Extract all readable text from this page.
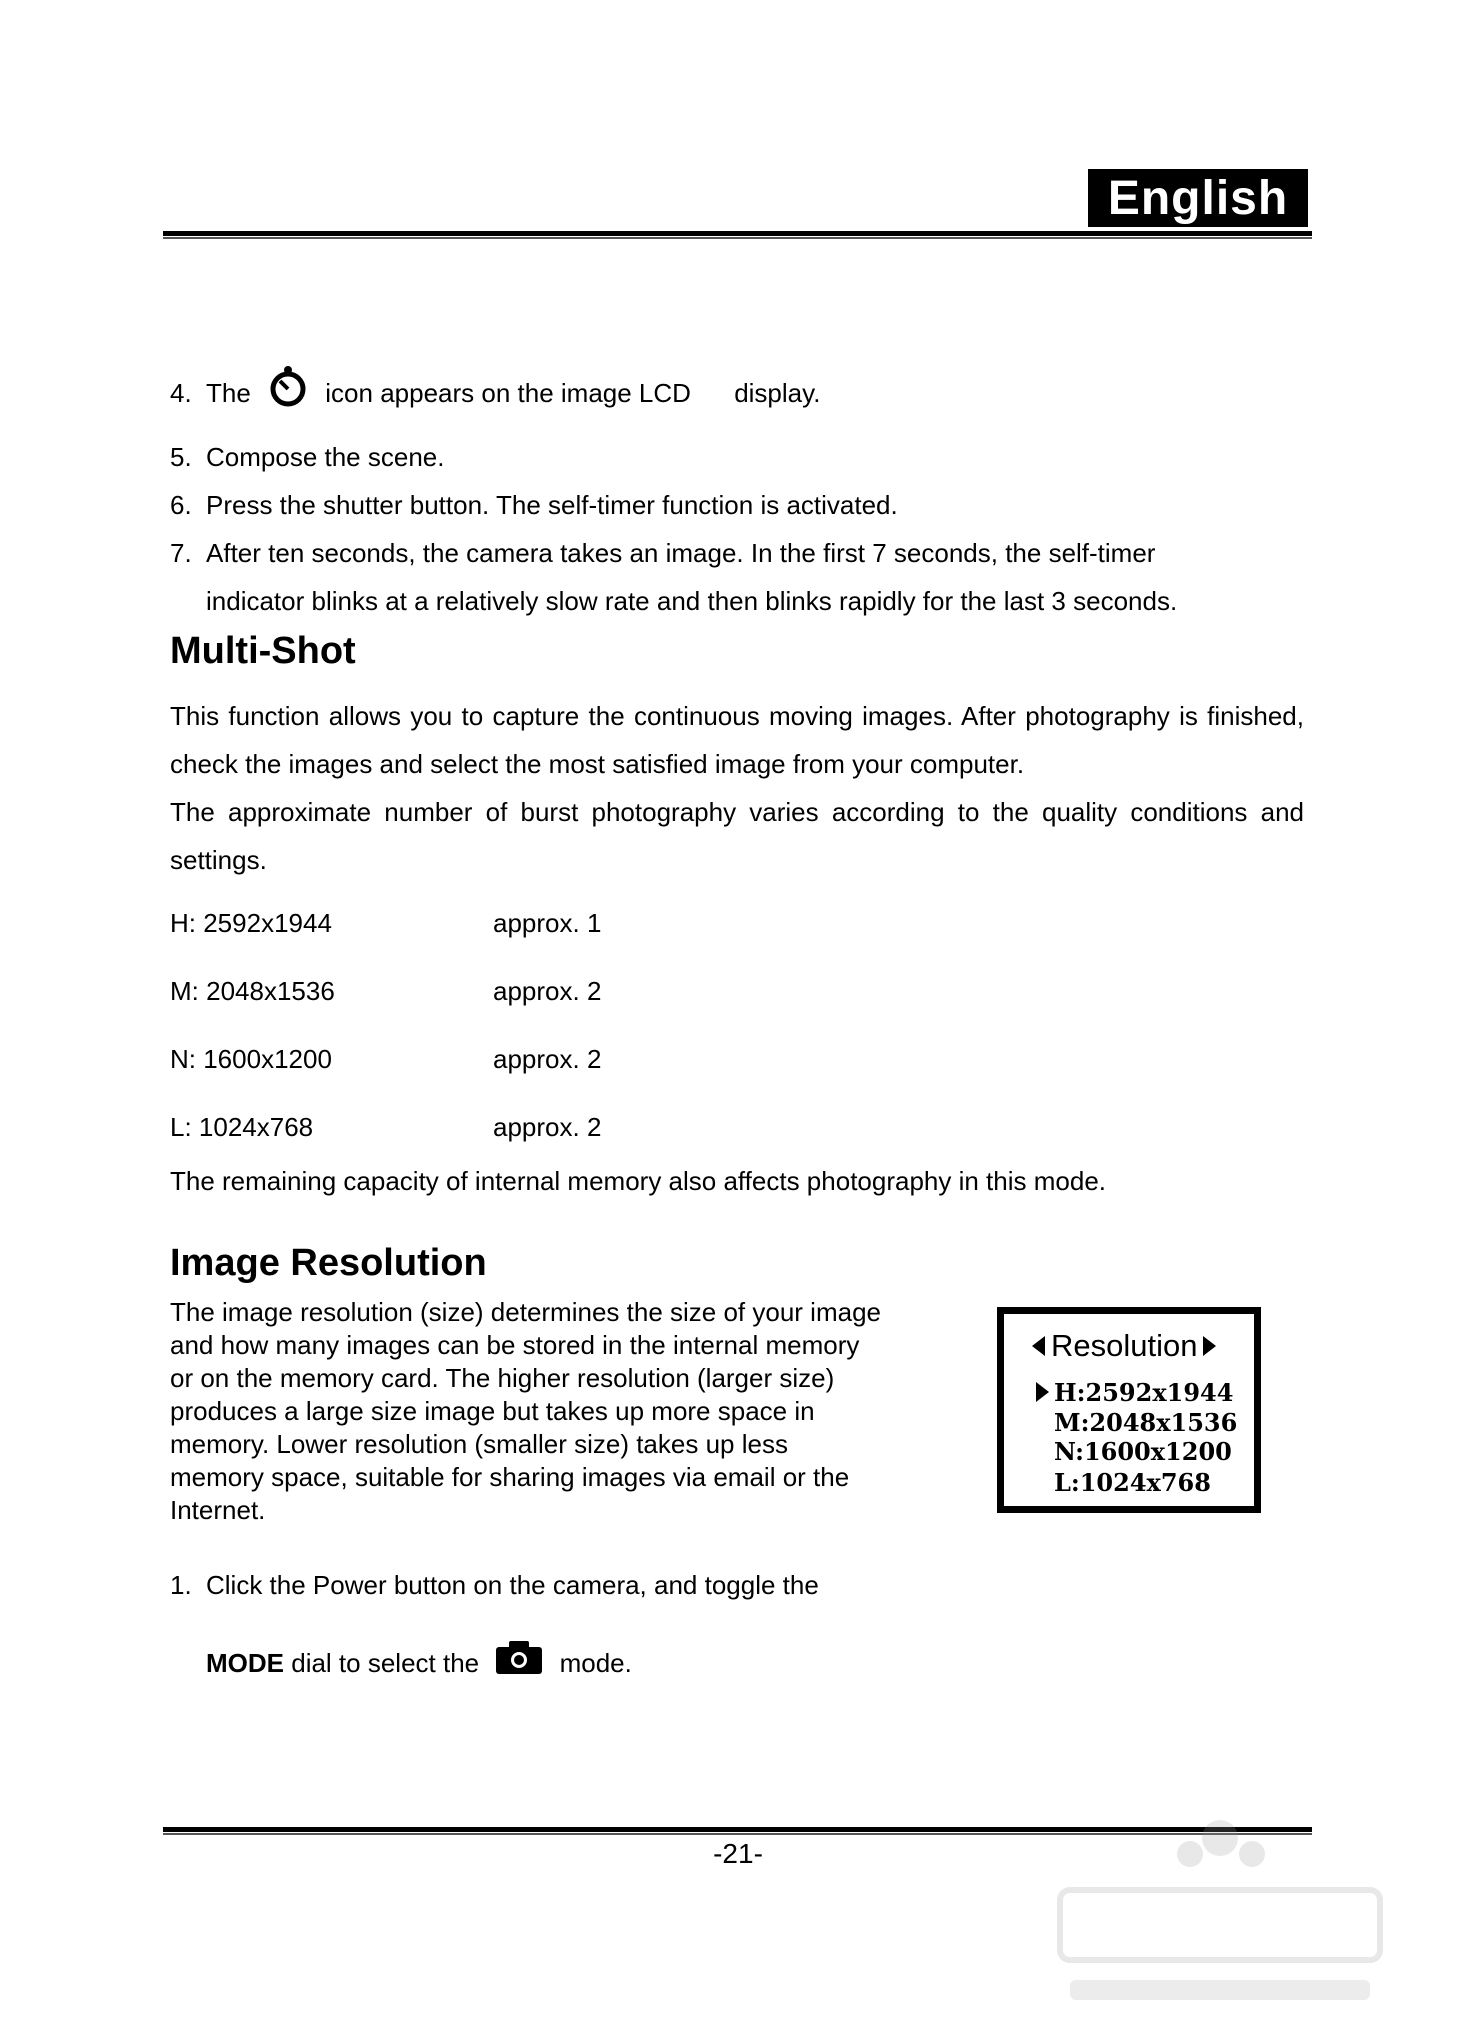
English
4. The	icon appears on the image LCD display.
5. Compose the scene.
6. Press the shutter button. The self-timer function is activated.
7. After ten seconds, the camera takes an image. In the first 7 seconds, the self-timer
indicator blinks at a relatively slow rate and then blinks rapidly for the last 3 seconds.
Multi-Shot
This function allows you to capture the continuous moving images. After photography is finished, check the images and select the most satisfied image from your computer.
The approximate number of burst photography varies according to the quality conditions and settings.
H: 2592x1944	approx. 1
M: 2048x1536	approx. 2
N: 1600x1200	approx. 2
L: 1024x768	approx. 2
The remaining capacity of internal memory also affects photography in this mode.
Image Resolution
The image resolution (size) determines the size of your image
and how many images can be stored in the internal memory
or on the memory card. The higher resolution (larger size)
produces a large size image but takes up more space in
memory. Lower resolution (smaller size) takes up less
memory space, suitable for sharing images via email or the
Internet.
Resolution
H:2592x1944
M:2048x1536
N:1600x1200
L:1024x768
1. Click the Power button on the camera, and toggle the
MODE dial to select the	mode.
-21-
